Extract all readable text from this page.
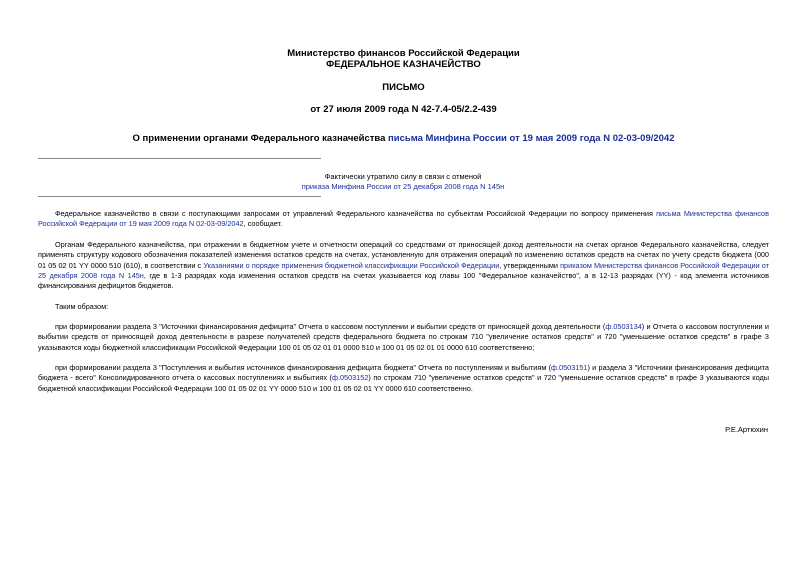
Министерство финансов Российской Федерации
ФЕДЕРАЛЬНОЕ КАЗНАЧЕЙСТВО
ПИСЬМО
от 27 июля 2009 года N 42-7.4-05/2.2-439
О применении органами Федерального казначейства письма Минфина России от 19 мая 2009 года N 02-03-09/2042
Фактически утратило силу в связи с отменой
приказа Минфина России от 25 декабря 2008 года N 145н
Федеральное казначейство в связи с поступающими запросами от управлений Федерального казначейства по субъектам Российской Федерации по вопросу применения письма Министерства финансов Российской Федерации от 19 мая 2009 года N 02-03-09/2042, сообщает.
Органам Федерального казначейства, при отражении в бюджетном учете и отчетности операций со средствами от приносящей доход деятельности на счетах органов Федерального казначейства, следует применять структуру кодового обозначения показателей изменения остатков средств на счетах, установленную для отражения операций по изменению остатков средств на счетах по учету средств бюджета (000 01 05 02 01 YY 0000 510 (610), в соответствии с Указаниями о порядке применения бюджетной классификации Российской Федерации, утвержденными приказом Министерства финансов Российской Федерации от 25 декабря 2008 года N 145н, где в 1-3 разрядах кода изменения остатков средств на счетах указывается код главы 100 "Федеральное казначейство", а в 12-13 разрядах (YY) - код элемента источников финансирования дефицитов бюджетов.
Таким образом:
при формировании раздела 3 "Источники финансирования дефицита" Отчета о кассовом поступлении и выбытии средств от приносящей доход деятельности (ф.0503134) и Отчета о кассовом поступлении и выбытии средств от приносящей доход деятельности в разрезе получателей средств федерального бюджета по строкам 710 "увеличение остатков средств" и 720 "уменьшение остатков средств" в графе 3 указываются коды бюджетной классификации Российской Федерации 100 01 05 02 01 01 0000 510 и 100 01 05 02 01 01 0000 610 соответственно;
при формировании раздела 3 "Поступления и выбытия источников финансирования дефицита бюджета" Отчета по поступлениям и выбытиям (ф.0503151) и раздела 3 "Источники финансирования дефицита бюджета - всего" Консолидированного отчета о кассовых поступлениях и выбытиях (ф.0503152) по строкам 710 "увеличение остатков средств" и 720 "уменьшение остатков средств" в графе 3 указываются коды бюджетной классификации Российской Федерации 100 01 05 02 01 YY 0000 510 и 100 01 05 02 01 YY 0000 610 соответственно.
Р.Е.Артюхин
